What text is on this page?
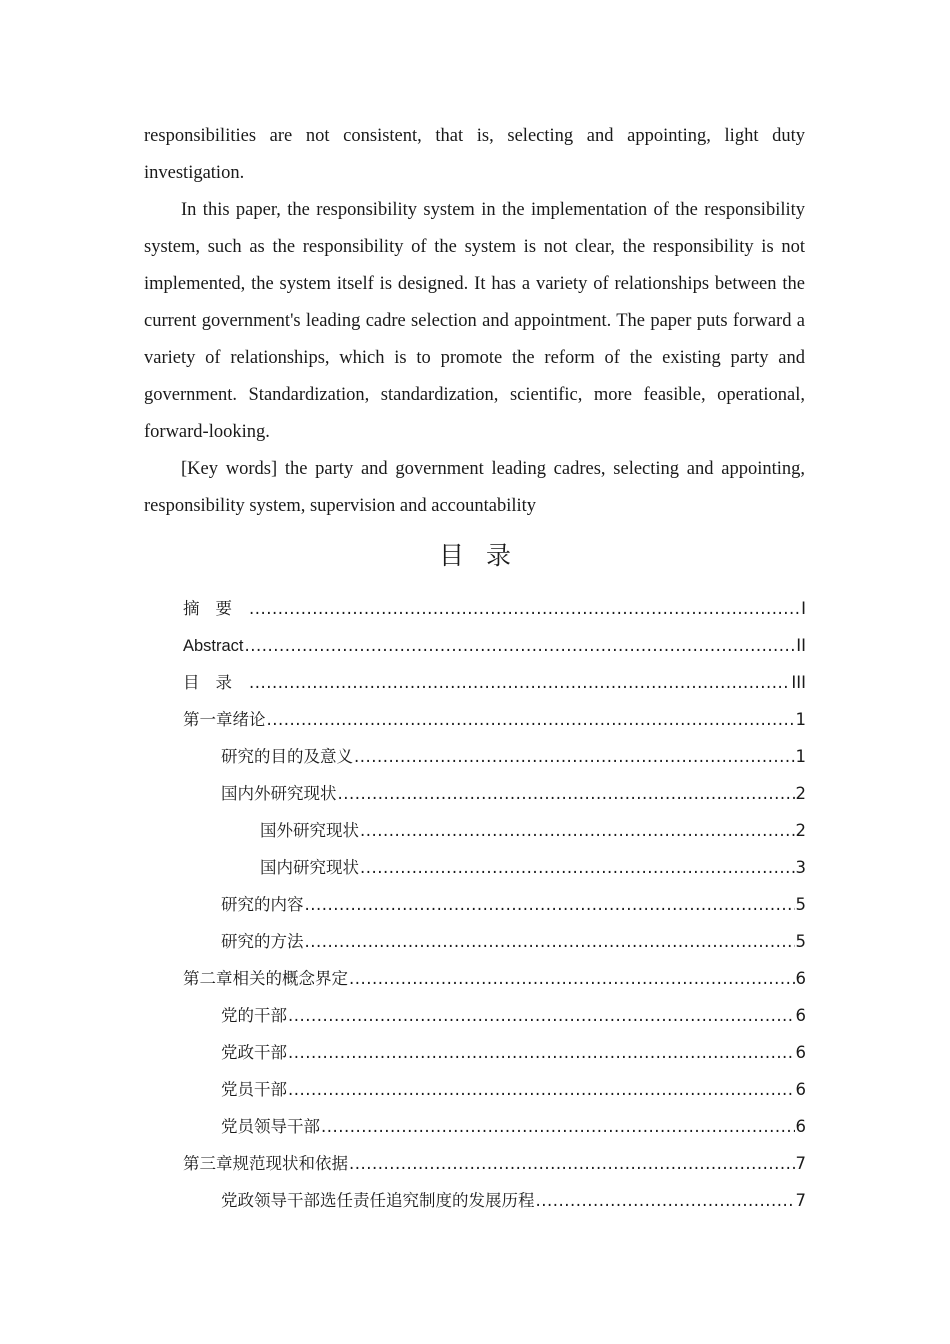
responsibilities are not consistent, that is, selecting and appointing, light duty investigation.

In this paper, the responsibility system in the implementation of the responsibility system, such as the responsibility of the system is not clear, the responsibility is not implemented, the system itself is designed. It has a variety of relationships between the current government's leading cadre selection and appointment. The paper puts forward a variety of relationships, which is to promote the reform of the existing party and government. Standardization, standardization, scientific, more feasible, operational, forward-looking.

[Key words] the party and government leading cadres, selecting and appointing, responsibility system, supervision and accountability

目录
摘要 .....	I
Abstract .....	II
目录 .....	III
第一章绪论 .....	1
研究的目的及意义 .....	1
国内外研究现状 .....	2
国外研究现状 .....	2
国内研究现状 .....	3
研究的内容 .....	5
研究的方法 .....	5
第二章相关的概念界定 .....	6
党的干部 .....	6
党政干部 .....	6
党员干部 .....	6
党员领导干部 .....	6
第三章规范现状和依据 .....	7
党政领导干部选任责任追究制度的发展历程 .....	7
